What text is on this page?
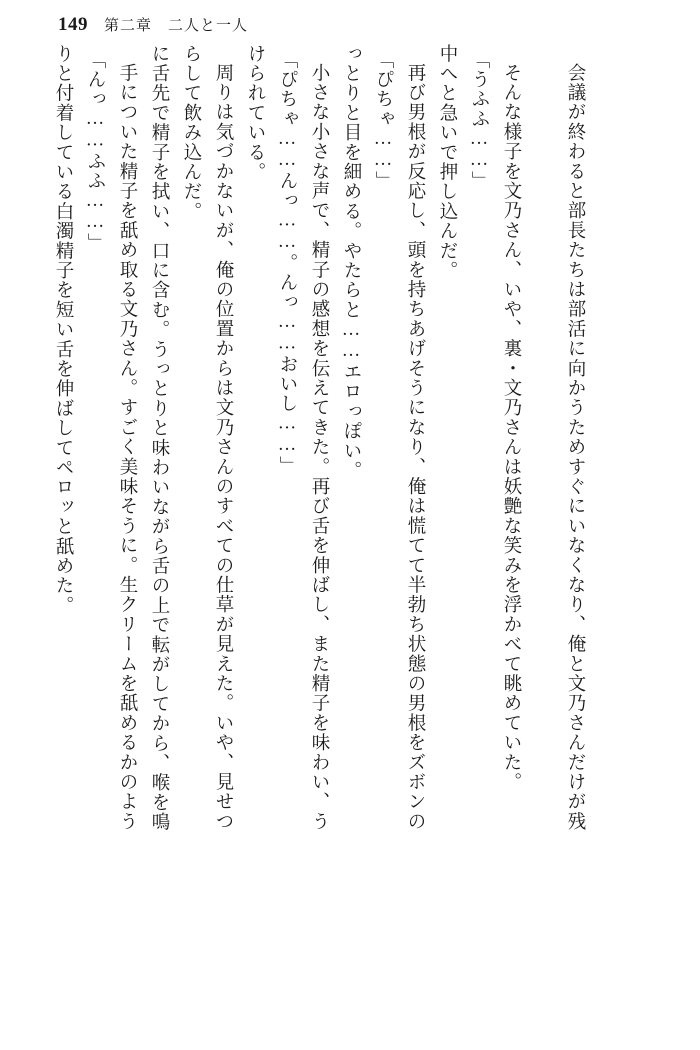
149 第二章　二人と一人
りと付着している白濁精子を短い舌を伸ばしてペロッと舐めた。 「んっ……ふふ……」 手についた精子を舐め取る文乃さん。すごく美味そうに。生クリームを舐めるかのよう に舌先で精子を拭い、口に含む。うっとりと味わいながら舌の上で転がしてから、喉を鳴 らして飲み込んだ。 周りは気づかないが、俺の位置からは文乃さんのすべての仕草が見えた。いや、見せつ けられている。 「ぴちゃ……んっ……。んっ……おいし……」 小さな小さな声で、精子の感想を伝えてきた。再び舌を伸ばし、また精子を味わい、う っとりと目を細める。やたらと……エロっぽい。 「ぴちゃ……」 再び男根が反応し、頭を持ちあげそうになり、俺は慌てて半勃ち状態の男根をズボンの 中へと急いで押し込んだ。 「うふふ……」 そんな様子を文乃さん、いや、裏・文乃さんは妖艶な笑みを浮かべて眺めていた。	会議が終わると部長たちは部活に向かうためすぐにいなくなり、俺と文乃さんだけが残
